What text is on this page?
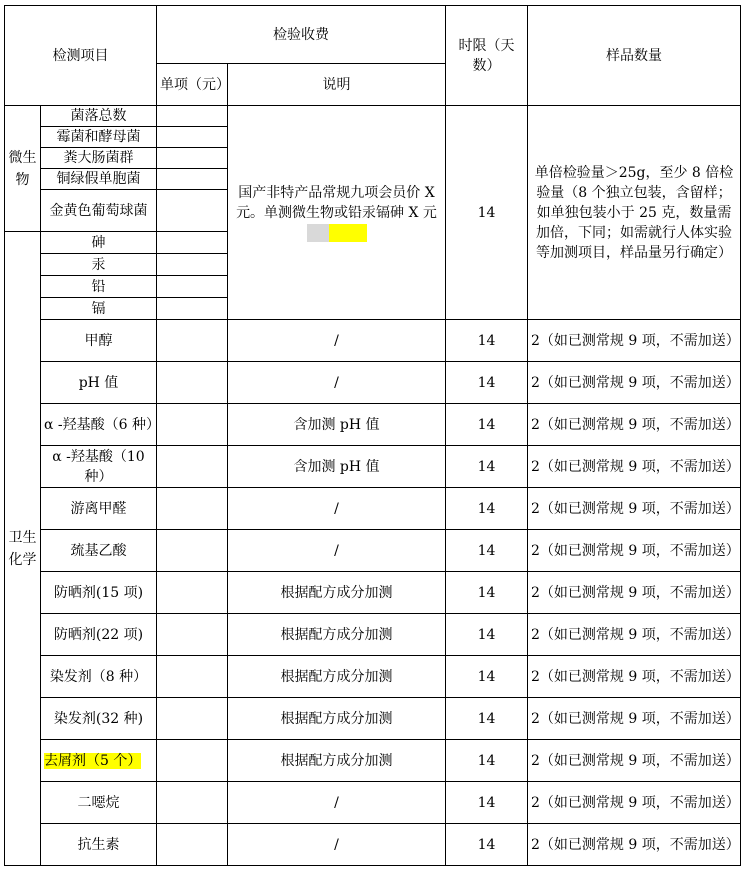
检测项目		检验收费		时限（天数）	样品数量
		单项（元）	说明		
微生物	菌落总数		国产非特产品常规九项会员价 X 元。单测微生物或铅汞镉砷 X 元	14	单倍检验量＞25g，至少 8 倍检验量（8 个独立包装，含留样；如单独包装小于 25 克，数量需加倍，下同；如需就行人体实验等加测项目，样品量另行确定）
	霉菌和酵母菌				
	粪大肠菌群				
	铜绿假单胞菌				
	金黄色葡萄球菌				
卫生化学	砷				
	汞				
	铅				
	镉				
	甲醇		/	14	2（如已测常规 9 项，不需加送）
	pH 值		/	14	2（如已测常规 9 项，不需加送）
	α -羟基酸（6 种）		含加测 pH 值	14	2（如已测常规 9 项，不需加送）
	α -羟基酸（10 种）		含加测 pH 值	14	2（如已测常规 9 项，不需加送）
	游离甲醛		/	14	2（如已测常规 9 项，不需加送）
	巯基乙酸		/	14	2（如已测常规 9 项，不需加送）
	防晒剂(15 项)		根据配方成分加测	14	2（如已测常规 9 项，不需加送）
	防晒剂(22 项)		根据配方成分加测	14	2（如已测常规 9 项，不需加送）
	染发剂（8 种）		根据配方成分加测	14	2（如已测常规 9 项，不需加送）
	染发剂(32 种)		根据配方成分加测	14	2（如已测常规 9 项，不需加送）
	去屑剂（5 个）		根据配方成分加测	14	2（如已测常规 9 项，不需加送）
	二噁烷		/	14	2（如已测常规 9 项，不需加送）
	抗生素		/	14	2（如已测常规 9 项，不需加送）
